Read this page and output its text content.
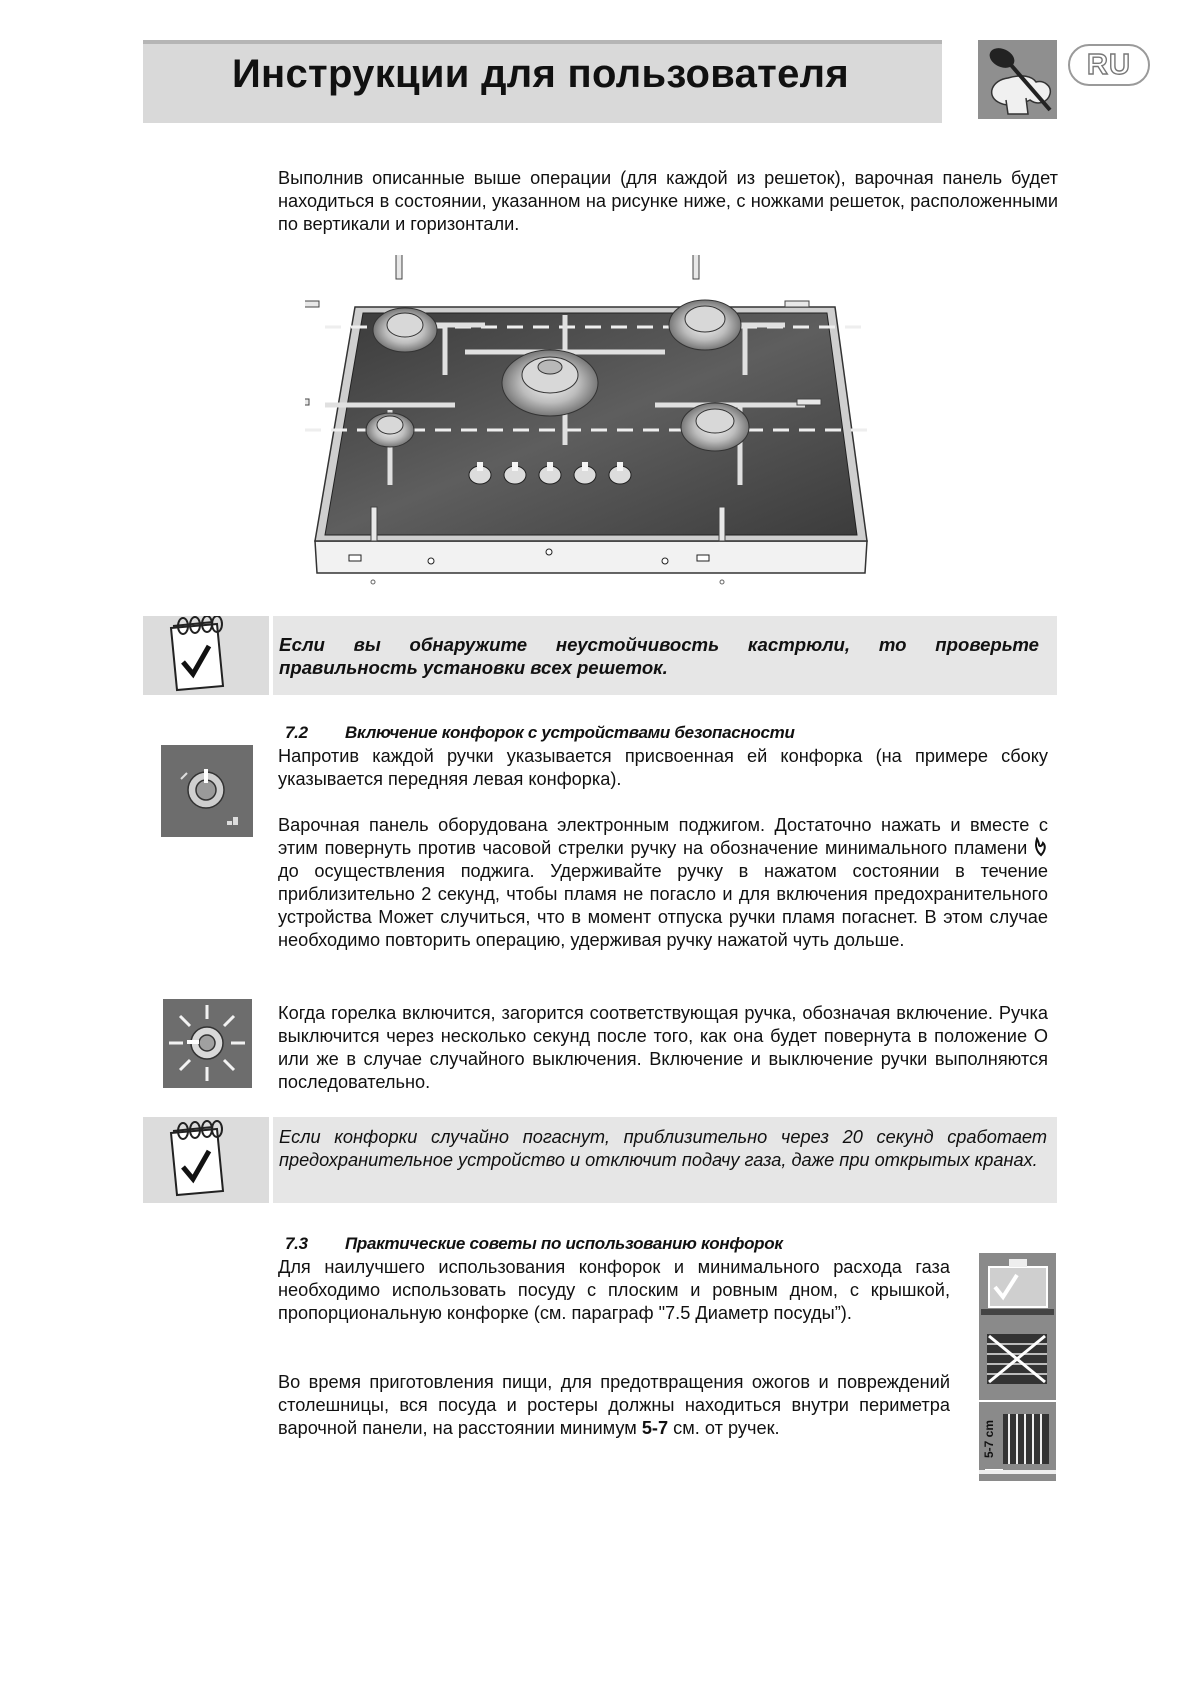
Инструкции для пользователя	RU
Выполнив описанные выше операции (для каждой из решеток), варочная панель будет находиться в состоянии, указанном на рисунке ниже, с ножками решеток, расположенными по вертикали и горизонтали.
Если вы обнаружите неустойчивость кастрюли, то проверьте правильность установки всех решеток.
7.2 Включение конфорок с устройствами безопасности
Напротив каждой ручки указывается присвоенная ей конфорка (на примере сбоку указывается передняя левая конфорка).
Варочная панель оборудована электронным поджигом. Достаточно нажать и вместе с этим повернуть против часовой стрелки ручку на обозначение минимального пламени  до осуществления поджига. Удерживайте ручку в нажатом состоянии в течение приблизительно 2 секунд, чтобы пламя не погасло и для включения предохранительного устройства Может случиться, что в момент отпуска ручки пламя погаснет. В этом случае необходимо повторить операцию, удерживая ручку нажатой чуть дольше.
Когда горелка включится, загорится соответствующая ручка, обозначая включение. Ручка выключится через несколько секунд после того, как она будет повернута в положение O или же в случае случайного выключения. Включение и выключение ручки выполняются последовательно.
Если конфорки случайно погаснут, приблизительно через 20 секунд сработает предохранительное устройство и отключит подачу газа, даже при открытых кранах.
7.3 Практические советы по использованию конфорок
Для наилучшего использования конфорок и минимального расхода газа необходимо использовать посуду с плоским и ровным дном, с крышкой, пропорциональную конфорке (см. параграф "7.5 Диаметр посуды”).
Во время приготовления пищи, для предотвращения ожогов и повреждений столешницы, вся посуда и ростеры должны находиться внутри периметра варочной панели, на расстоянии минимум 5-7 см. от ручек.	5-7 cm
